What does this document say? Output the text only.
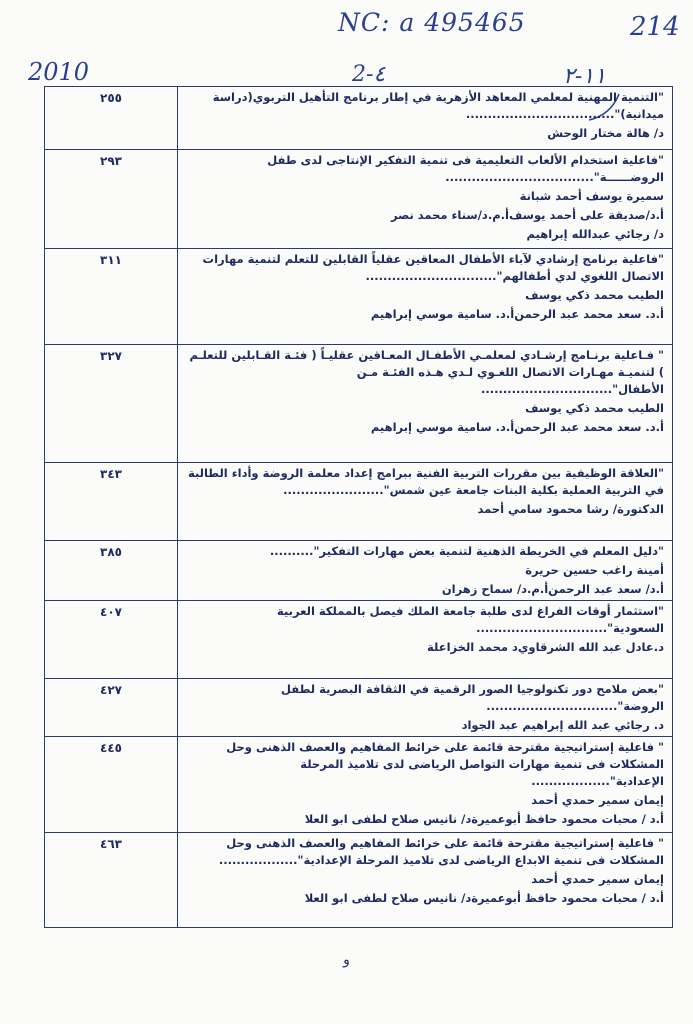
NC: a 495465	214
2010	2-٤	١١-٢
٢٥٥	"التنمية المهنية لمعلمي المعاهد الأزهرية في إطار برنامج التأهيل التربوي(دراسة ميدانية)"..................................
د/ هالة مختار الوحش

٢٩٣	"فاعلية استخدام الألعاب التعليمية فى تنمية التفكير الإنتاجى لدى طفل الروضــــــة"..................................
سميرة يوسف أحمد شبانة
أ.د/صديقة على أحمد يوسفأ.م.د/سناء محمد نصر
د/ رجائي عبدالله إبراهيم

٣١١	"فاعلية برنامج إرشادي لآباء الأطفال المعاقين عقلياً القابلين للتعلم لتنمية مهارات الاتصال اللغوي لدي أطفالهم"..............................
الطيب محمد ذكي يوسف
أ.د. سعد محمد عبد الرحمنأ.د. سامية موسي إبراهيم

٣٢٧	" فـاعلية برنـامج إرشـادي لمعلمـي الأطفـال المعـاقين عقليـاً ( فئـة القـابلين للتعلـم ) لتنميـة مهـارات الاتصال اللغـوي لـدي هـذه الفئـة مـن الأطفال"..............................
الطيب محمد ذكي يوسف
أ.د. سعد محمد عبد الرحمنأ.د. سامية موسي إبراهيم

٣٤٣	"العلاقة الوظيفية بين مقررات التربية الفنية ببرامج إعداد معلمة الروضة وأداء الطالبة في التربية العملية بكلية البنات جامعة عين شمس".......................
الدكتورة/ رشا محمود سامي أحمد

٣٨٥	"دليل المعلم في الخريطة الذهنية لتنمية بعض مهارات التفكير"..........
أمينة راغب حسين حريرة
أ.د/ سعد عبد الرحمنأ.م.د/ سماح زهران

٤٠٧	"استثمار أوقات الفراغ لدى طلبة جامعة الملك فيصل بالمملكة العربية السعودية"..............................
د.عادل عبد الله الشرقاويد محمد الخزاعلة

٤٢٧	"بعض ملامح دور تكنولوجيا الصور الرقمية في الثقافة البصرية لطفل الروضة"..............................
د. رجائي عبد الله إبراهيم عبد الجواد

٤٤٥	" فاعلية إستراتيجية مقترحة قائمة على خرائط المفاهيم والعصف الذهنى وحل المشكلات فى تنمية مهارات التواصل الرياضى لدى تلاميذ المرحلة الإعدادية"..................
إيمان سمير حمدي أحمد
أ.د / محبات محمود حافظ أبوعميرةد/ نانيس صلاح لطفى ابو العلا

٤٦٣	" فاعلية إستراتيجية مقترحة قائمة على خرائط المفاهيم والعصف الذهنى وحل المشكلات فى تنمية الابداع الرياضى لدى تلاميذ المرحلة الإعدادية"..................
إيمان سمير حمدي أحمد
أ.د / محبات محمود حافظ أبوعميرةد/ نانيس صلاح لطفى ابو العلا
و
